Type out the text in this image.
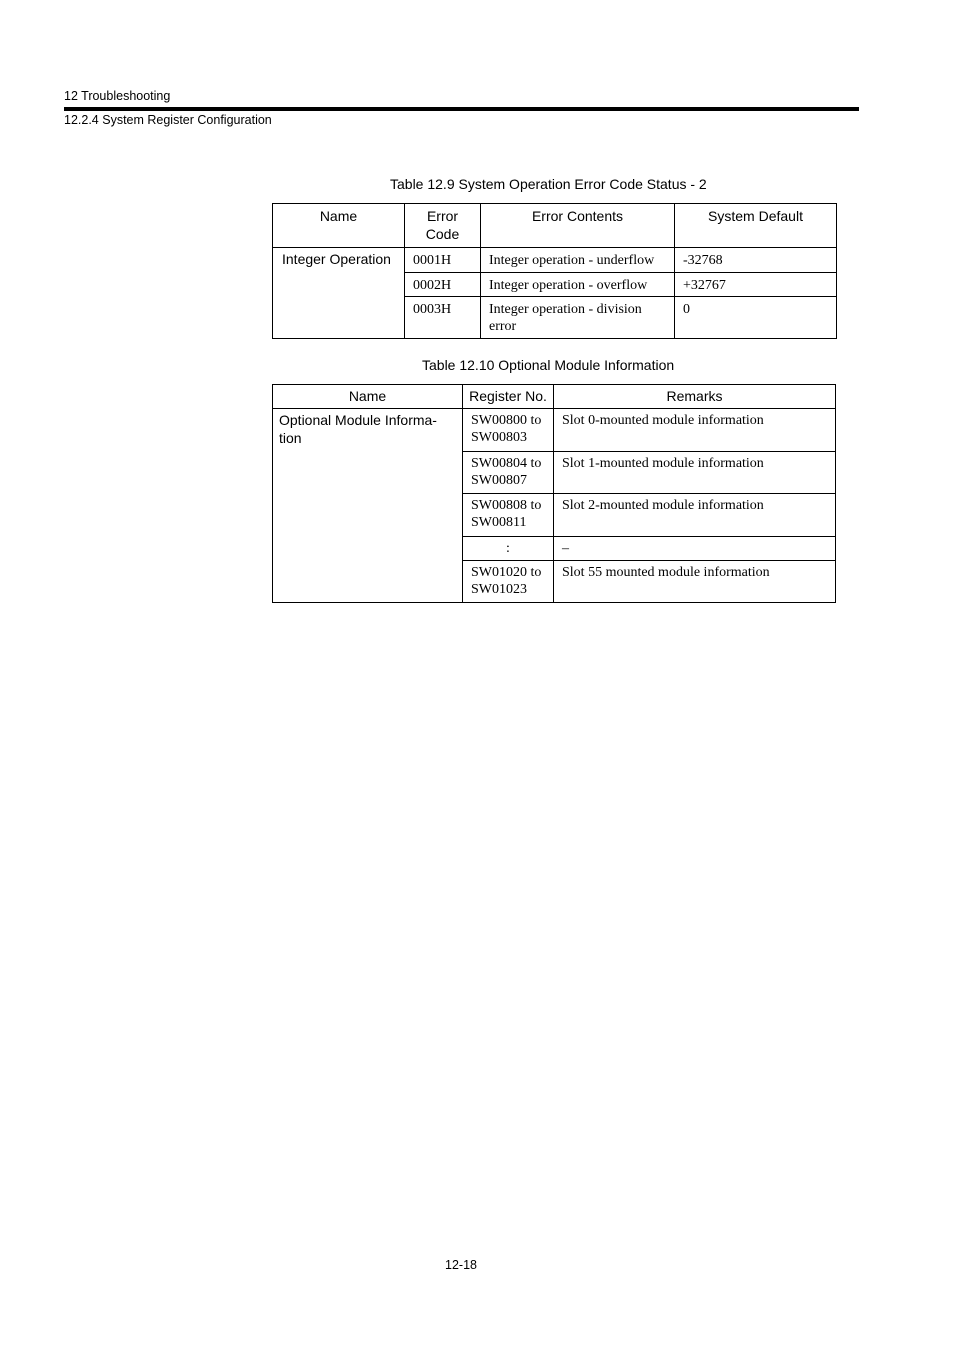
12 Troubleshooting
12.2.4 System Register Configuration
Table 12.9 System Operation Error Code Status - 2
Name	Error Code	Error Contents	System Default
Integer Operation	0001H	Integer operation - underflow	-32768
	0002H	Integer operation - overflow	+32767
	0003H	Integer operation - division error	0
Table 12.10 Optional Module Information
Name	Register No.	Remarks
Optional Module Informa-tion	SW00800 to SW00803	Slot 0-mounted module information
	SW00804 to SW00807	Slot 1-mounted module information
	SW00808 to SW00811	Slot 2-mounted module information
	:	–
	SW01020 to SW01023	Slot 55 mounted module information
12-18
